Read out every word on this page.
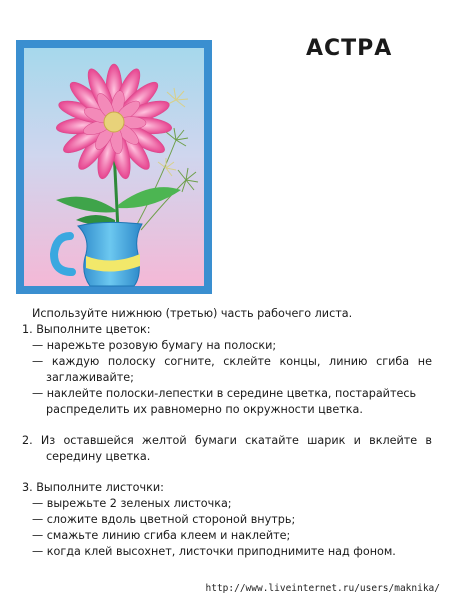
АСТРА
Используйте нижнюю (третью) часть рабочего листа.
1. Выполните цветок:
— нарежьте розовую бумагу на полоски;
— каждую полоску согните, склейте концы, линию сгиба не
заглаживайте;
— наклейте полоски-лепестки в середине цветка, постарайтесь
распределить их равномерно по окружности цветка.
2. Из оставшейся желтой бумаги скатайте шарик и вклейте в
середину цветка.
3. Выполните листочки:
— вырежьте 2 зеленых листочка;
— сложите вдоль цветной стороной внутрь;
— смажьте линию сгиба клеем и наклейте;
— когда клей высохнет, листочки приподнимите над фоном.
http://www.liveinternet.ru/users/maknika/
